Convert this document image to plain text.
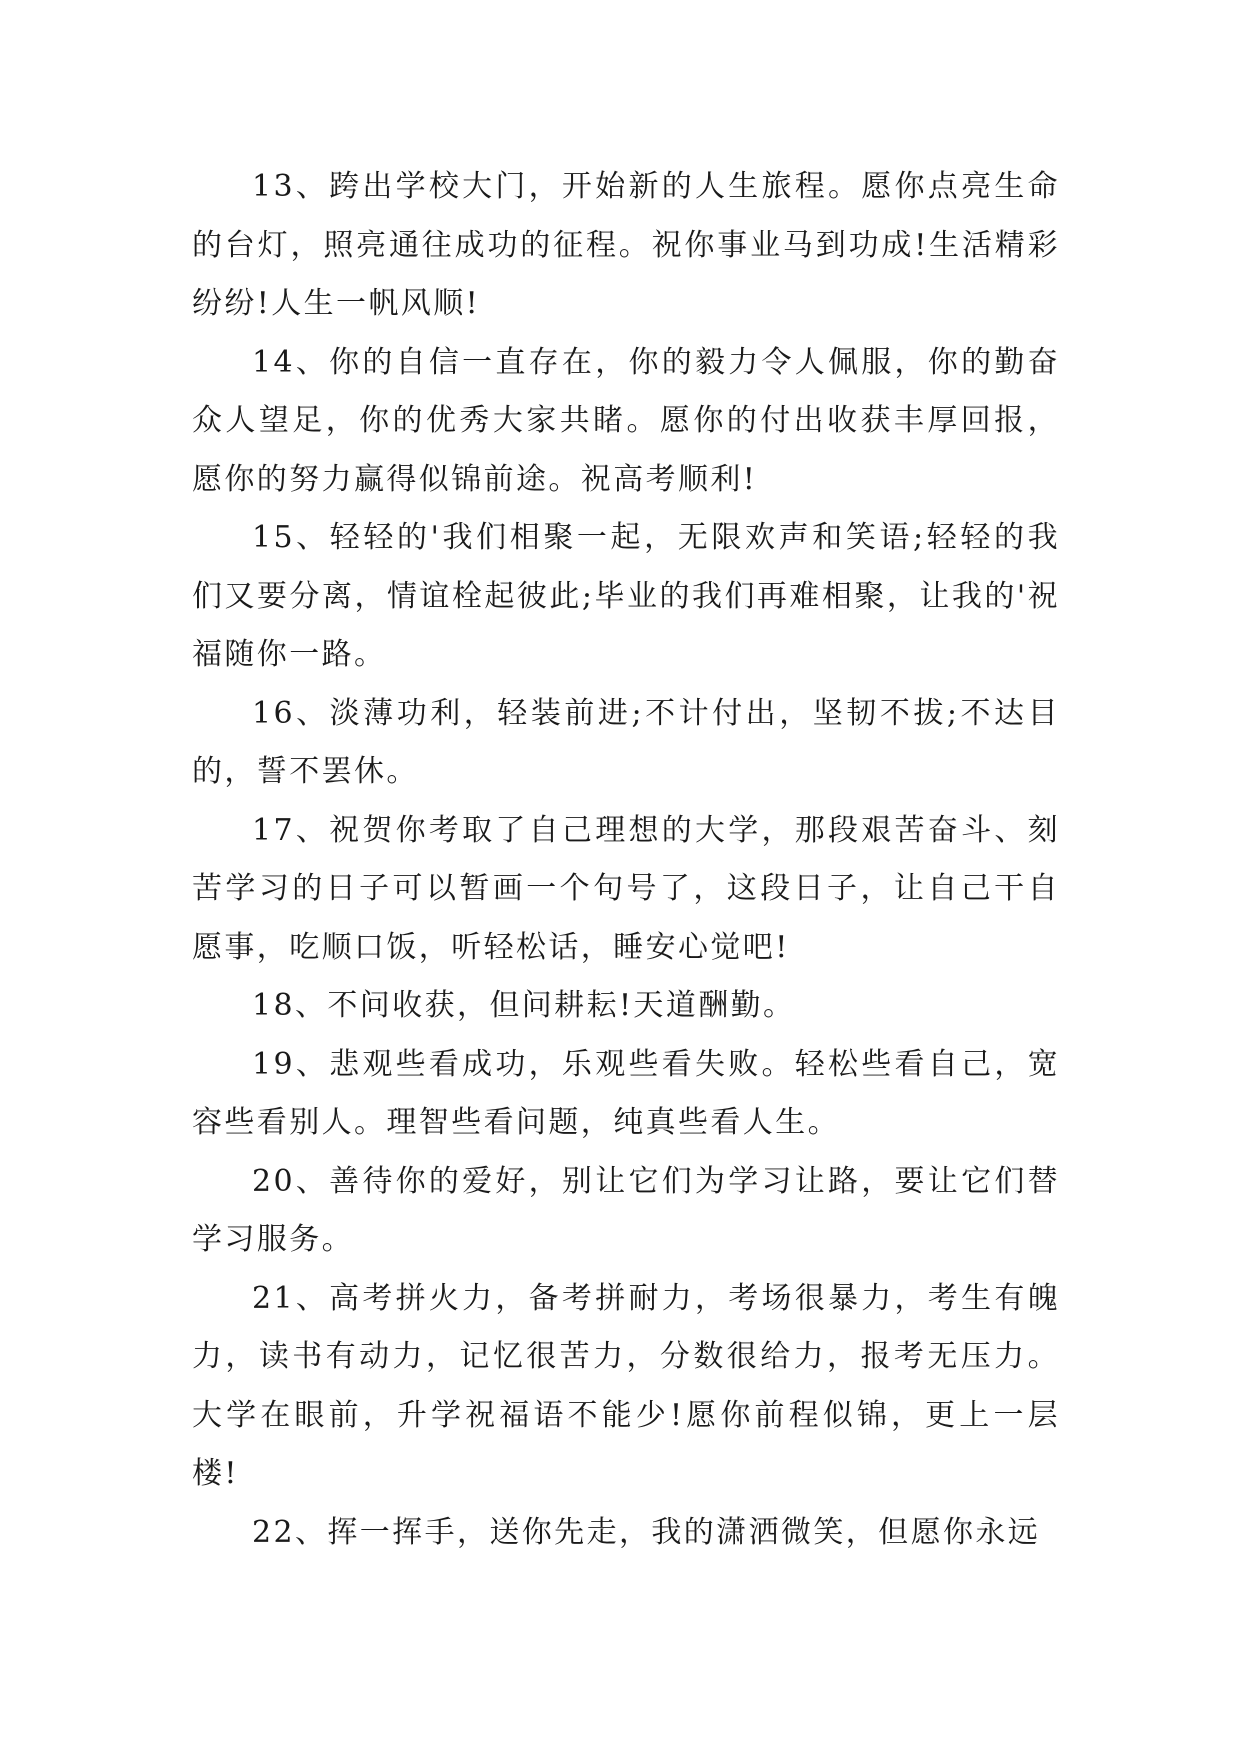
13、跨出学校大门，开始新的人生旅程。愿你点亮生命的台灯，照亮通往成功的征程。祝你事业马到功成!生活精彩纷纷!人生一帆风顺!

14、你的自信一直存在，你的毅力令人佩服，你的勤奋众人望足，你的优秀大家共睹。愿你的付出收获丰厚回报，愿你的努力赢得似锦前途。祝高考顺利!

15、轻轻的'我们相聚一起，无限欢声和笑语;轻轻的我们又要分离，情谊栓起彼此;毕业的我们再难相聚，让我的'祝福随你一路。

16、淡薄功利，轻装前进;不计付出，坚韧不拔;不达目的，誓不罢休。

17、祝贺你考取了自己理想的大学，那段艰苦奋斗、刻苦学习的日子可以暂画一个句号了，这段日子，让自己干自愿事，吃顺口饭，听轻松话，睡安心觉吧!

18、不问收获，但问耕耘!天道酬勤。

19、悲观些看成功，乐观些看失败。轻松些看自己，宽容些看别人。理智些看问题，纯真些看人生。

20、善待你的爱好，别让它们为学习让路，要让它们替学习服务。

21、高考拼火力，备考拼耐力，考场很暴力，考生有魄力，读书有动力，记忆很苦力，分数很给力，报考无压力。大学在眼前，升学祝福语不能少!愿你前程似锦，更上一层楼!

22、挥一挥手，送你先走，我的潇洒微笑，但愿你永远
